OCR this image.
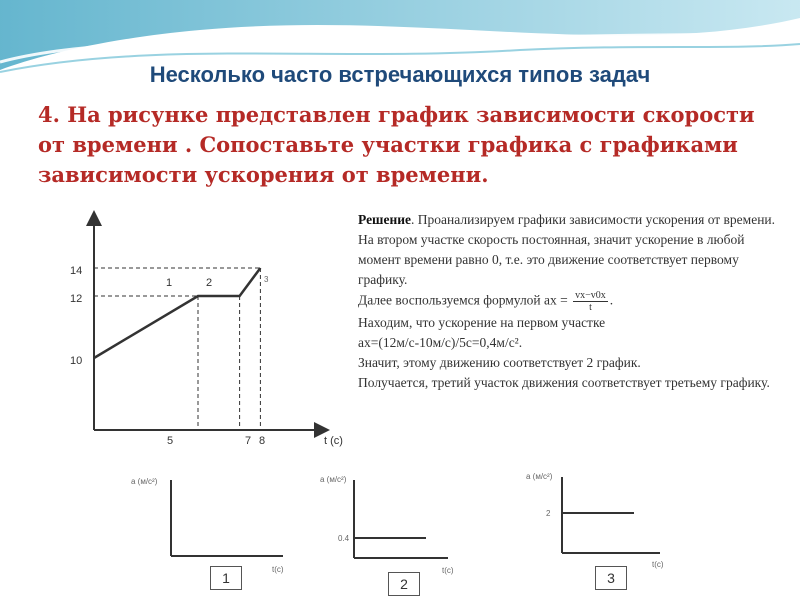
Несколько часто встречающихся типов задач
4. На рисунке представлен график зависимости скорости от времени . Сопоставьте участки графика с графиками зависимости ускорения от времени.
14
12
10
5	7 8	t (c)
1	2	3
Решение. Проанализируем графики зависимости ускорения от времени. На втором участке скорость постоянная, значит ускорение в любой момент времени равно 0, т.е. это движение соответствует первому графику.
Далее воспользуемся формулой ax = $\frac{vx-v0x}{t}$ .
Находим, что ускорение на первом участке
ax=(12м/с-10м/с)/5с=0,4м/с².
Значит, этому движению соответствует 2 график.
Получается, третий участок движения соответствует третьему графику.
a (м/с²)
t(c)
1
a (м/с²)
0.4
t(c)
2
a (м/с²)
2
t(c)
3
